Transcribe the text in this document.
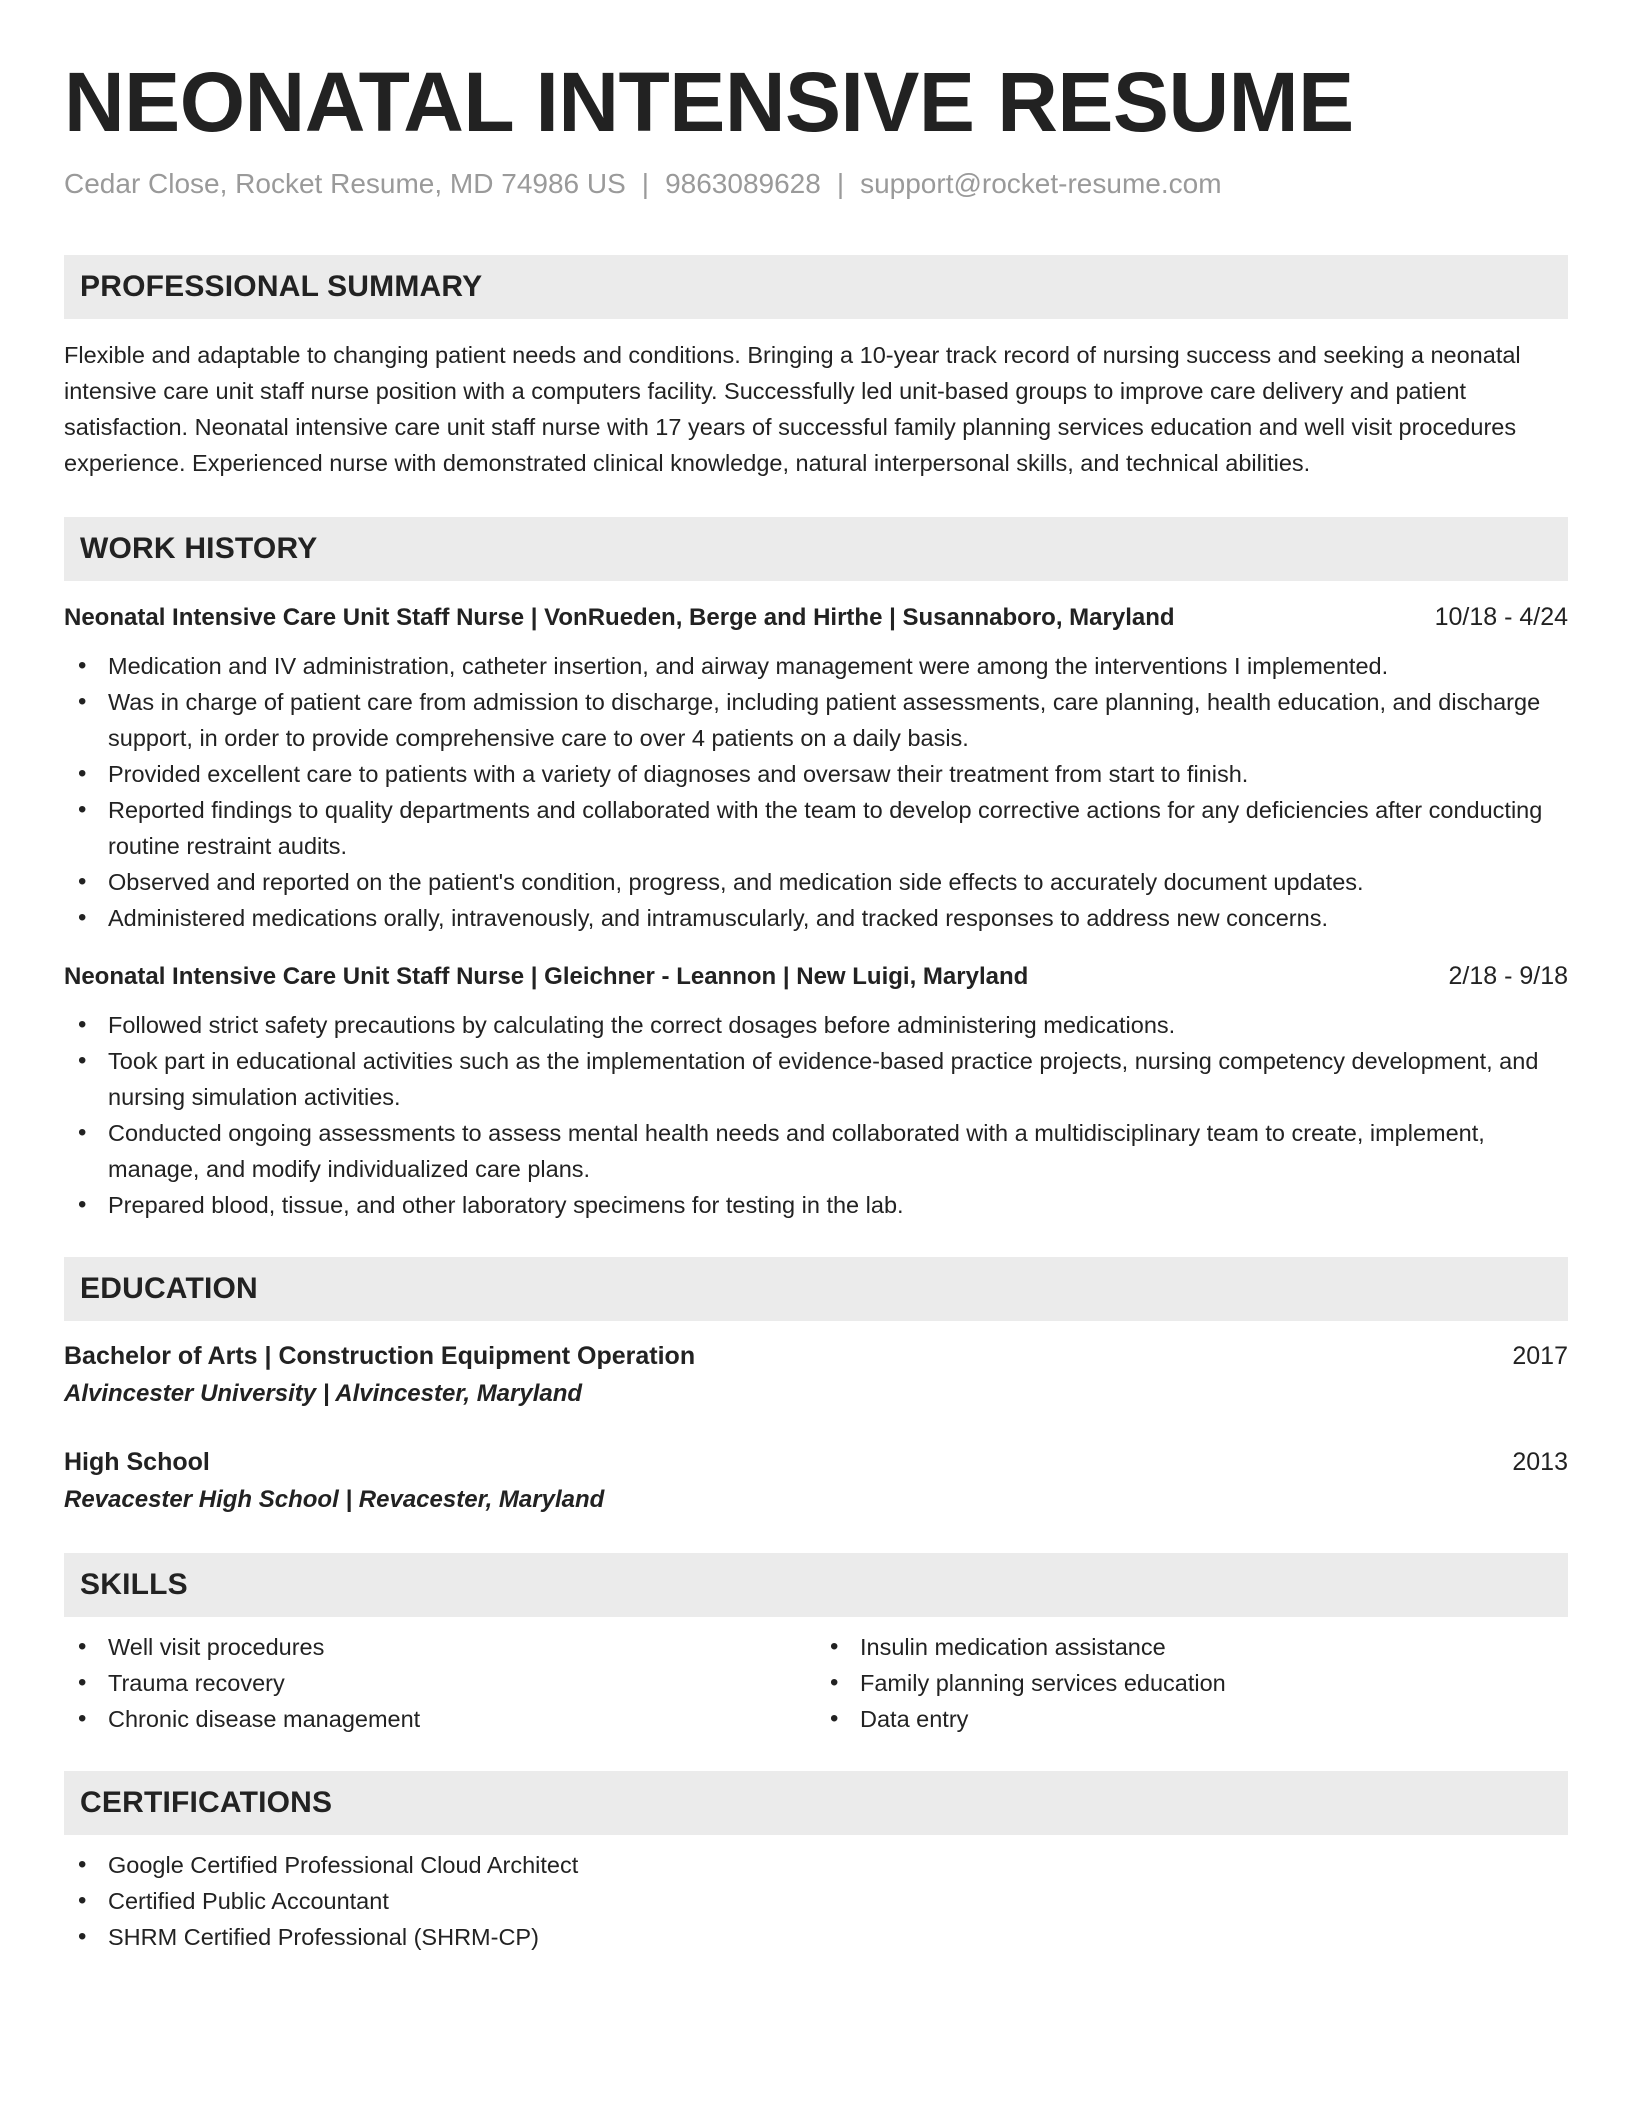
NEONATAL INTENSIVE RESUME
Cedar Close, Rocket Resume, MD 74986 US | 9863089628 | support@rocket-resume.com
PROFESSIONAL SUMMARY

Flexible and adaptable to changing patient needs and conditions. Bringing a 10-year track record of nursing success and seeking a neonatal intensive care unit staff nurse position with a computers facility. Successfully led unit-based groups to improve care delivery and patient satisfaction. Neonatal intensive care unit staff nurse with 17 years of successful family planning services education and well visit procedures experience. Experienced nurse with demonstrated clinical knowledge, natural interpersonal skills, and technical abilities.

WORK HISTORY
Neonatal Intensive Care Unit Staff Nurse | VonRueden, Berge and Hirthe | Susannaboro, Maryland	10/18 - 4/24
• Medication and IV administration, catheter insertion, and airway management were among the interventions I implemented.
• Was in charge of patient care from admission to discharge, including patient assessments, care planning, health education, and discharge support, in order to provide comprehensive care to over 4 patients on a daily basis.
• Provided excellent care to patients with a variety of diagnoses and oversaw their treatment from start to finish.
• Reported findings to quality departments and collaborated with the team to develop corrective actions for any deficiencies after conducting routine restraint audits.
• Observed and reported on the patient's condition, progress, and medication side effects to accurately document updates.
• Administered medications orally, intravenously, and intramuscularly, and tracked responses to address new concerns.
Neonatal Intensive Care Unit Staff Nurse | Gleichner - Leannon | New Luigi, Maryland	2/18 - 9/18
• Followed strict safety precautions by calculating the correct dosages before administering medications.
• Took part in educational activities such as the implementation of evidence-based practice projects, nursing competency development, and nursing simulation activities.
• Conducted ongoing assessments to assess mental health needs and collaborated with a multidisciplinary team to create, implement, manage, and modify individualized care plans.
• Prepared blood, tissue, and other laboratory specimens for testing in the lab.
EDUCATION
Bachelor of Arts | Construction Equipment Operation	2017
Alvincester University | Alvincester, Maryland
High School	2013
Revacester High School | Revacester, Maryland
SKILLS
• Well visit procedures
• Trauma recovery
• Chronic disease management
• Insulin medication assistance
• Family planning services education
• Data entry
CERTIFICATIONS
• Google Certified Professional Cloud Architect
• Certified Public Accountant
• SHRM Certified Professional (SHRM-CP)
